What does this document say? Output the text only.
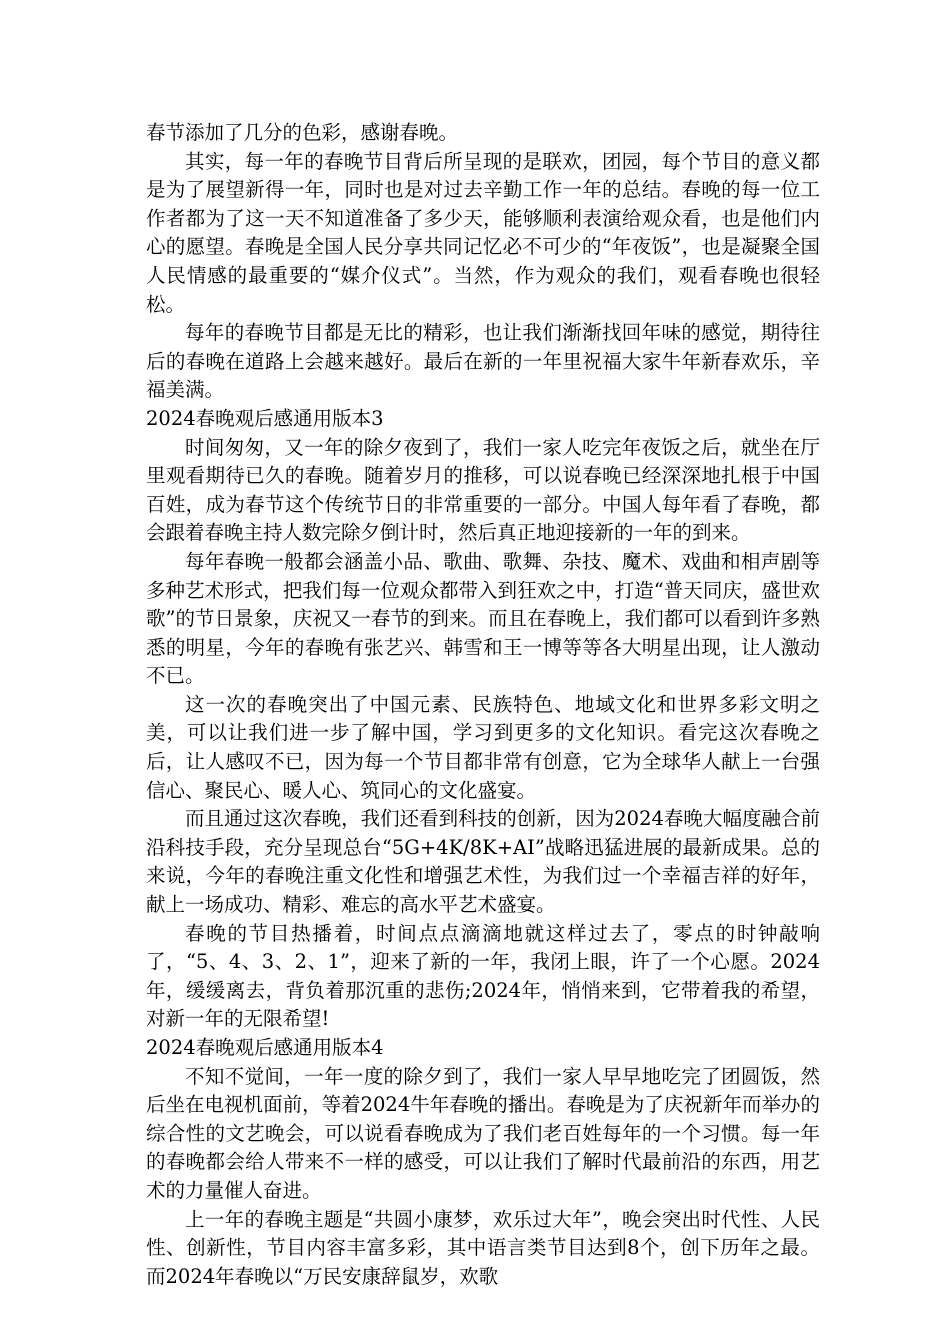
春节添加了几分的色彩，感谢春晚。

其实，每一年的春晚节目背后所呈现的是联欢，团园，每个节目的意义都是为了展望新得一年，同时也是对过去辛勤工作一年的总结。春晚的每一位工作者都为了这一天不知道准备了多少天，能够顺利表演给观众看，也是他们内心的愿望。春晚是全国人民分享共同记忆必不可少的“年夜饭”，也是凝聚全国人民情感的最重要的“媒介仪式”。当然，作为观众的我们，观看春晚也很轻松。

每年的春晚节目都是无比的精彩，也让我们渐渐找回年味的感觉，期待往后的春晚在道路上会越来越好。最后在新的一年里祝福大家牛年新春欢乐，辛福美满。

2024春晚观后感通用版本3

时间匆匆，又一年的除夕夜到了，我们一家人吃完年夜饭之后，就坐在厅里观看期待已久的春晚。随着岁月的推移，可以说春晚已经深深地扎根于中国百姓，成为春节这个传统节日的非常重要的一部分。中国人每年看了春晚，都会跟着春晚主持人数完除夕倒计时，然后真正地迎接新的一年的到来。

每年春晚一般都会涵盖小品、歌曲、歌舞、杂技、魔术、戏曲和相声剧等多种艺术形式，把我们每一位观众都带入到狂欢之中，打造“普天同庆，盛世欢歌”的节日景象，庆祝又一春节的到来。而且在春晚上，我们都可以看到许多熟悉的明星，今年的春晚有张艺兴、韩雪和王一博等等各大明星出现，让人激动不已。

这一次的春晚突出了中国元素、民族特色、地域文化和世界多彩文明之美，可以让我们进一步了解中国，学习到更多的文化知识。看完这次春晚之后，让人感叹不已，因为每一个节目都非常有创意，它为全球华人献上一台强信心、聚民心、暖人心、筑同心的文化盛宴。

而且通过这次春晚，我们还看到科技的创新，因为2024春晚大幅度融合前沿科技手段，充分呈现总台“5G+4K/8K+AI”战略迅猛进展的最新成果。总的来说，今年的春晚注重文化性和增强艺术性，为我们过一个幸福吉祥的好年，献上一场成功、精彩、难忘的高水平艺术盛宴。

春晚的节目热播着，时间点点滴滴地就这样过去了，零点的时钟敲响了，“5、4、3、2、1”，迎来了新的一年，我闭上眼，许了一个心愿。2024年，缓缓离去，背负着那沉重的悲伤;2024年，悄悄来到，它带着我的希望，对新一年的无限希望!

2024春晚观后感通用版本4

不知不觉间，一年一度的除夕到了，我们一家人早早地吃完了团圆饭，然后坐在电视机面前，等着2024牛年春晚的播出。春晚是为了庆祝新年而举办的综合性的文艺晚会，可以说看春晚成为了我们老百姓每年的一个习惯。每一年的春晚都会给人带来不一样的感受，可以让我们了解时代最前沿的东西，用艺术的力量催人奋进。

上一年的春晚主题是“共圆小康梦，欢乐过大年”，晚会突出时代性、人民性、创新性，节目内容丰富多彩，其中语言类节目达到8个，创下历年之最。而2024年春晚以“万民安康辞鼠岁，欢歌
